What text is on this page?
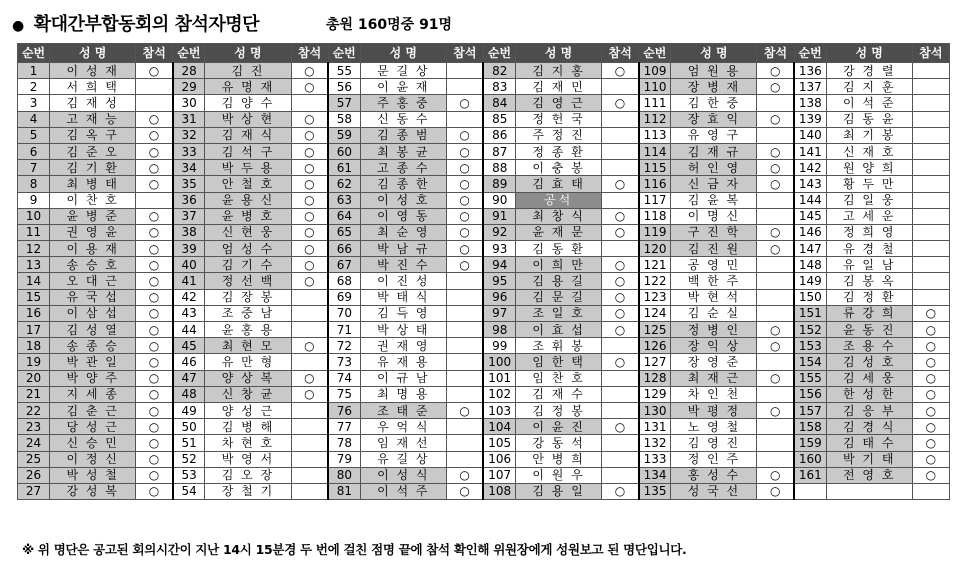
● 확대간부합동회의 참석자명단	총원 160명중 91명
순번	성 명	참석	순번	성 명	참석	순번	성 명	참석	순번	성 명	참석	순번	성 명	참석	순번	성 명	참석
1	이 성 재	○	28	김 진	○	55	문 길 상		82	김 지 홍	○	109	엄 원 용	○	136	강 경 렬	
2	서 희 택		29	유 명 재	○	56	이 윤 재		83	김 재 민		110	장 병 재	○	137	김 지 훈	
3	김 재 성		30	김 양 수		57	주 홍 중	○	84	김 영 근	○	111	김 한 중		138	이 석 준	
4	고 재 능	○	31	박 상 현	○	58	신 동 수		85	정 헌 국		112	장 효 익	○	139	김 동 윤	
5	김 옥 구	○	32	김 재 식	○	59	김 종 범	○	86	주 정 진		113	유 영 구		140	최 기 봉	
6	김 준 오	○	33	김 석 구	○	60	최 봉 균	○	87	정 종 환		114	김 재 규	○	141	신 재 호	
7	김 기 환	○	34	박 두 용	○	61	고 종 수	○	88	이 충 봉		115	허 인 영	○	142	원 양 희	
8	최 병 태	○	35	안 철 호	○	62	김 종 한	○	89	김 효 태	○	116	신 금 자	○	143	황 두 만	
9	이 찬 호		36	윤 용 신	○	63	이 성 호	○	90	공석		117	김 윤 복		144	김 일 웅	
10	윤 병 준	○	37	윤 병 호	○	64	이 영 동	○	91	최 창 식	○	118	이 명 신		145	고 세 운	
11	권 영 윤	○	38	신 현 웅	○	65	최 순 영	○	92	윤 재 문	○	119	구 진 학	○	146	정 희 영	
12	이 용 재	○	39	엄 성 수	○	66	박 남 규	○	93	김 동 환		120	김 진 원	○	147	유 경 철	
13	송 승 호	○	40	김 기 수	○	67	박 진 수	○	94	이 희 만	○	121	공 영 민		148	유 일 남	
14	오 대 근	○	41	정 선 백	○	68	이 진 성		95	김 용 길	○	122	백 한 주		149	김 봉 옥	
15	유 국 섭	○	42	김 장 봉		69	박 태 식		96	김 문 길	○	123	박 현 석		150	김 정 환	
16	이 삼 섭	○	43	조 중 남		70	김 득 영		97	조 일 호	○	124	김 순 실		151	류 강 희	○
17	김 성 열	○	44	윤 홍 용		71	박 상 태		98	이 효 섭	○	125	정 병 인	○	152	윤 동 진	○
18	송 종 승	○	45	최 현 모	○	72	권 재 영		99	조 휘 봉		126	장 익 상	○	153	조 용 수	○
19	박 관 일	○	46	유 만 형		73	유 재 용		100	임 한 택	○	127	장 영 준		154	김 성 호	○
20	박 양 주	○	47	양 상 복	○	74	이 규 남		101	임 찬 호		128	최 재 근	○	155	김 세 웅	○
21	지 세 종	○	48	신 창 균	○	75	최 명 용		102	김 재 수		129	차 인 천		156	한 성 한	○
22	김 춘 근	○	49	양 성 근		76	조 태 준	○	103	김 정 봉		130	박 평 정	○	157	김 응 부	○
23	당 성 근	○	50	김 병 해		77	우 억 식		104	이 윤 진	○	131	노 영 철		158	김 경 식	○
24	신 승 민	○	51	차 현 호		78	임 재 선		105	강 동 석		132	김 영 진		159	김 태 수	○
25	이 정 신	○	52	박 영 서		79	유 길 상		106	안 병 희		133	정 인 주		160	박 기 태	○
26	박 성 철	○	53	김 오 장		80	이 성 식	○	107	이 원 우		134	홍 성 수	○	161	전 영 호	○
27	강 성 복	○	54	장 철 기		81	이 석 주	○	108	김 용 일	○	135	성 국 선	○			
※ 위 명단은 공고된 회의시간이 지난 14시 15분경 두 번에 걸친 점명 끝에 참석 확인해 위원장에게 성원보고 된 명단입니다.
